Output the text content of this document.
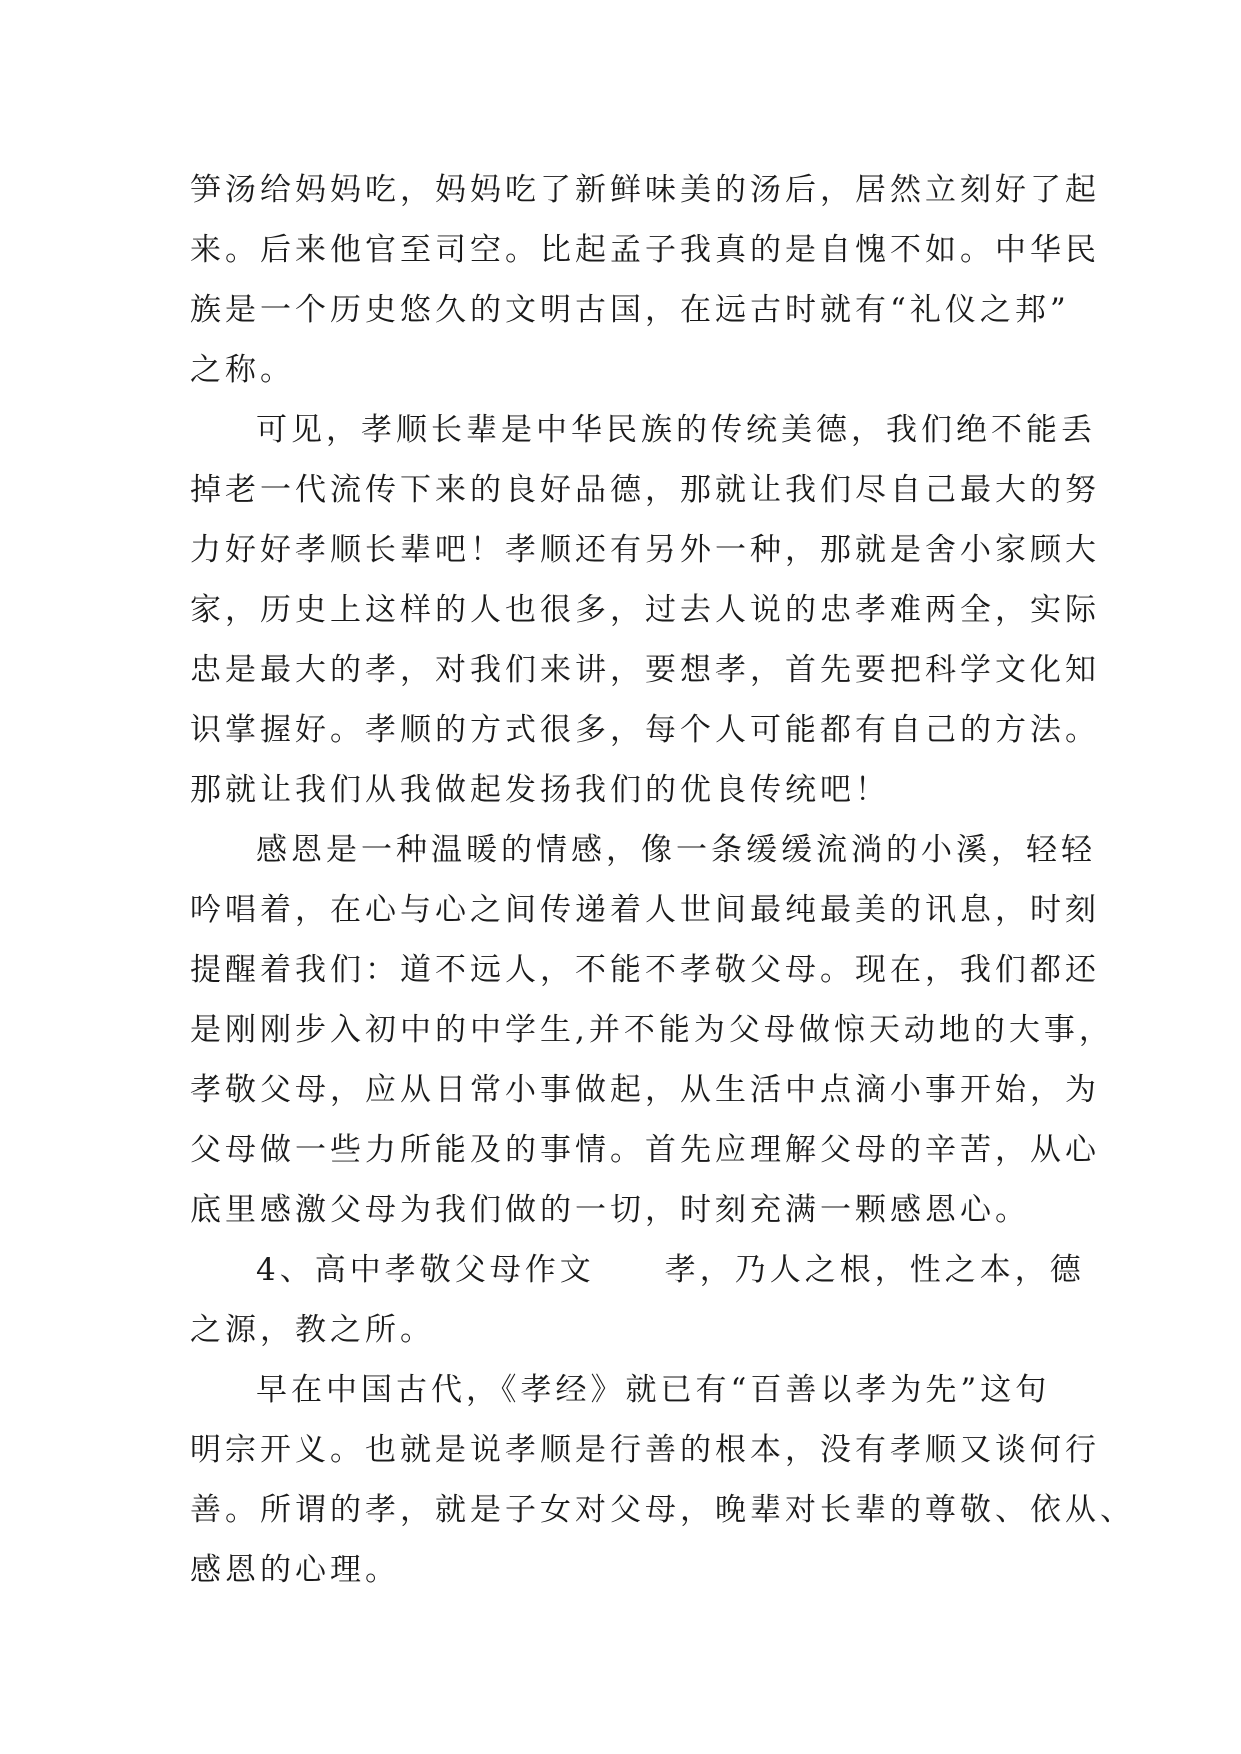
笋汤给妈妈吃，妈妈吃了新鲜味美的汤后，居然立刻好了起
来。后来他官至司空。比起孟子我真的是自愧不如。中华民
族是一个历史悠久的文明古国，在远古时就有“礼仪之邦”
之称。
可见，孝顺长辈是中华民族的传统美德，我们绝不能丢
掉老一代流传下来的良好品德，那就让我们尽自己最大的努
力好好孝顺长辈吧！孝顺还有另外一种，那就是舍小家顾大
家，历史上这样的人也很多，过去人说的忠孝难两全，实际
忠是最大的孝，对我们来讲，要想孝，首先要把科学文化知
识掌握好。孝顺的方式很多，每个人可能都有自己的方法。
那就让我们从我做起发扬我们的优良传统吧！
感恩是一种温暖的情感，像一条缓缓流淌的小溪，轻轻
吟唱着，在心与心之间传递着人世间最纯最美的讯息，时刻
提醒着我们：道不远人，不能不孝敬父母。现在，我们都还
是刚刚步入初中的中学生,并不能为父母做惊天动地的大事，
孝敬父母，应从日常小事做起，从生活中点滴小事开始，为
父母做一些力所能及的事情。首先应理解父母的辛苦，从心
底里感激父母为我们做的一切，时刻充满一颗感恩心。
4、高中孝敬父母作文　　孝，乃人之根，性之本，德
之源，教之所。
早在中国古代，《孝经》就已有“百善以孝为先”这句
明宗开义。也就是说孝顺是行善的根本，没有孝顺又谈何行
善。所谓的孝，就是子女对父母，晚辈对长辈的尊敬、依从、
感恩的心理。
